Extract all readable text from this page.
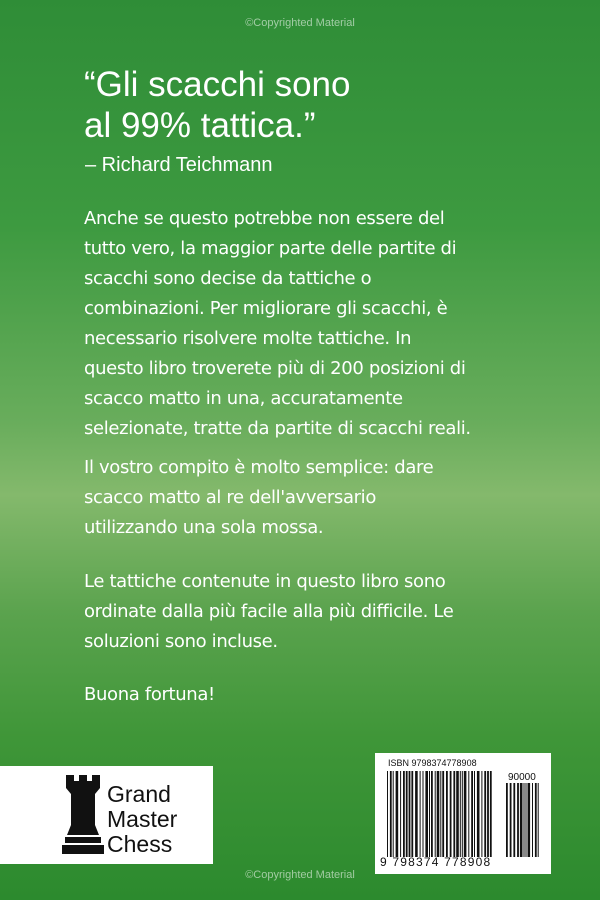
©Copyrighted Material
“Gli scacchi sono
al 99% tattica.”
– Richard Teichmann

Anche se questo potrebbe non essere del
tutto vero, la maggior parte delle partite di
scacchi sono decise da tattiche o
combinazioni. Per migliorare gli scacchi, è
necessario risolvere molte tattiche. In
questo libro troverete più di 200 posizioni di
scacco matto in una, accuratamente
selezionate, tratte da partite di scacchi reali.

Il vostro compito è molto semplice: dare
scacco matto al re dell'avversario
utilizzando una sola mossa.

Le tattiche contenute in questo libro sono
ordinate dalla più facile alla più difficile. Le
soluzioni sono incluse.

Buona fortuna!

Grand
Master
Chess
ISBN 9798374778908
90000
9 798374 778908
©Copyrighted Material
